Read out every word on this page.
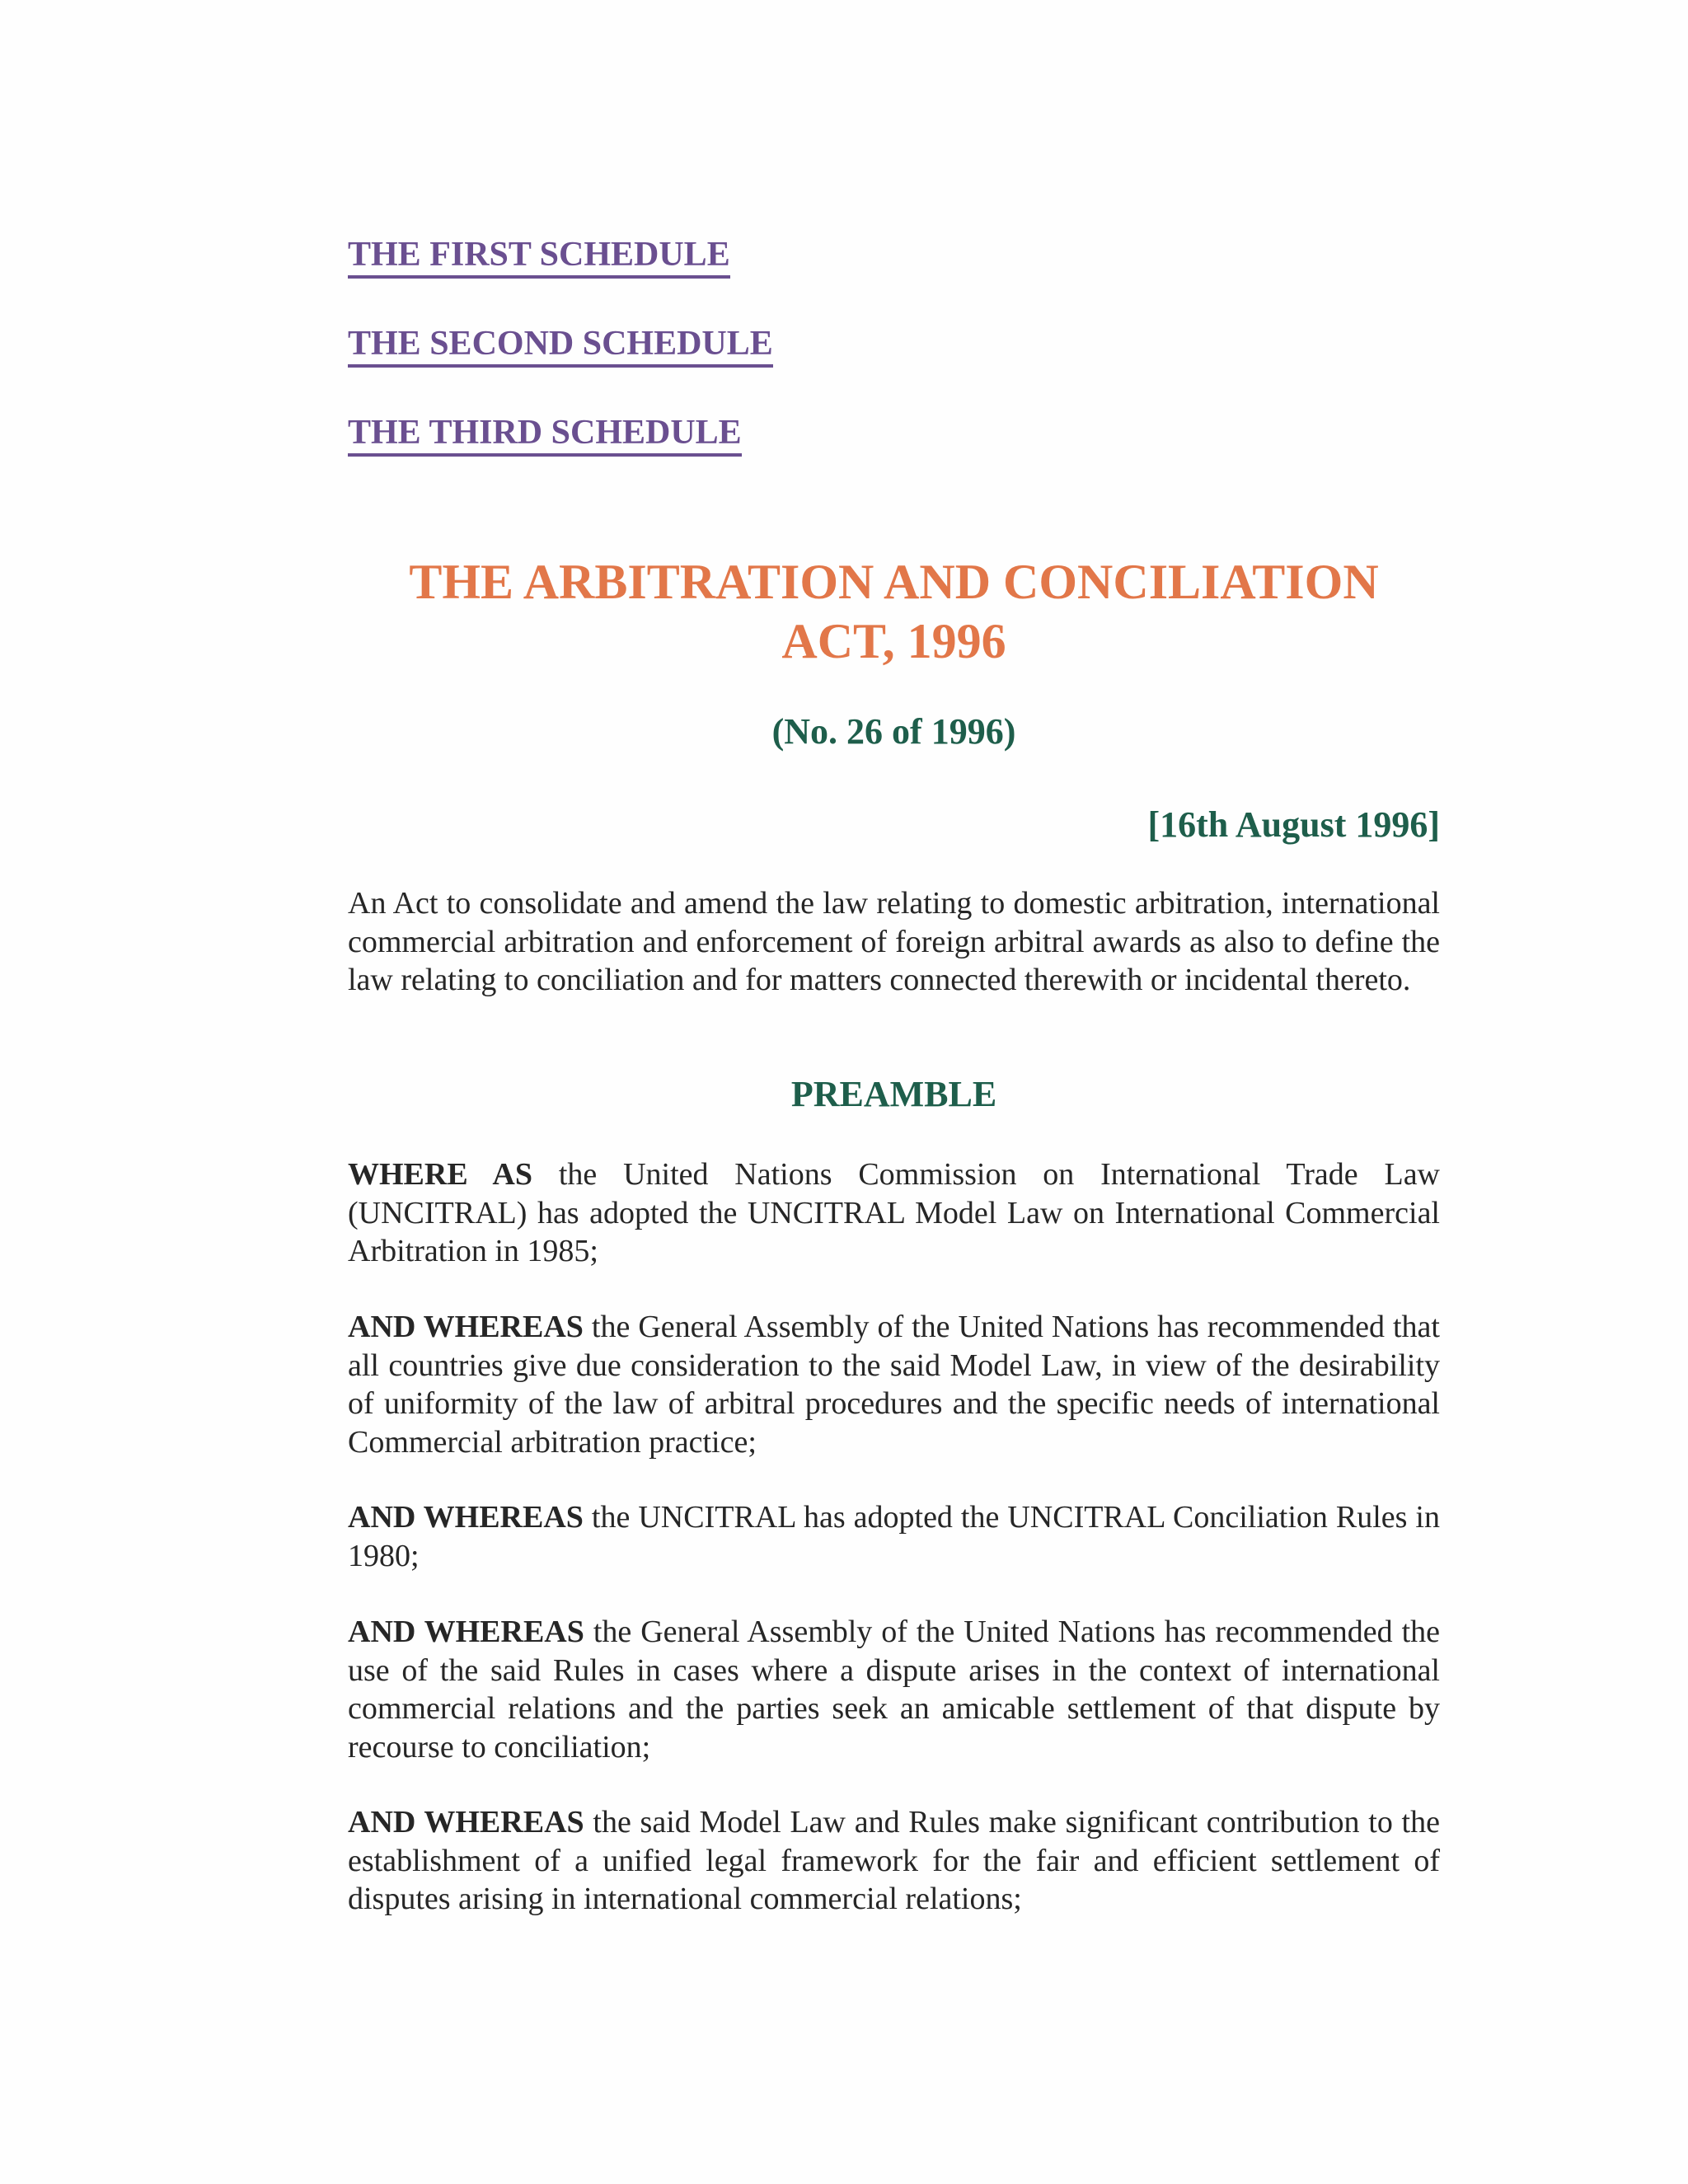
THE FIRST SCHEDULE
THE SECOND SCHEDULE
THE THIRD SCHEDULE
THE ARBITRATION AND CONCILIATION
ACT, 1996

(No. 26 of 1996)

[16th August 1996]

An Act to consolidate and amend the law relating to domestic arbitration, international commercial arbitration and enforcement of foreign arbitral awards as also to define the law relating to conciliation and for matters connected therewith or incidental thereto.

PREAMBLE

WHERE AS the United Nations Commission on International Trade Law (UNCITRAL) has adopted the UNCITRAL Model Law on International Commercial Arbitration in 1985;

AND WHEREAS the General Assembly of the United Nations has recommended that all countries give due consideration to the said Model Law, in view of the desirability of uniformity of the law of arbitral procedures and the specific needs of international Commercial arbitration practice;

AND WHEREAS the UNCITRAL has adopted the UNCITRAL Conciliation Rules in 1980;

AND WHEREAS the General Assembly of the United Nations has recommended the use of the said Rules in cases where a dispute arises in the context of international commercial relations and the parties seek an amicable settlement of that dispute by recourse to conciliation;

AND WHEREAS the said Model Law and Rules make significant contribution to the establishment of a unified legal framework for the fair and efficient settlement of disputes arising in international commercial relations;
